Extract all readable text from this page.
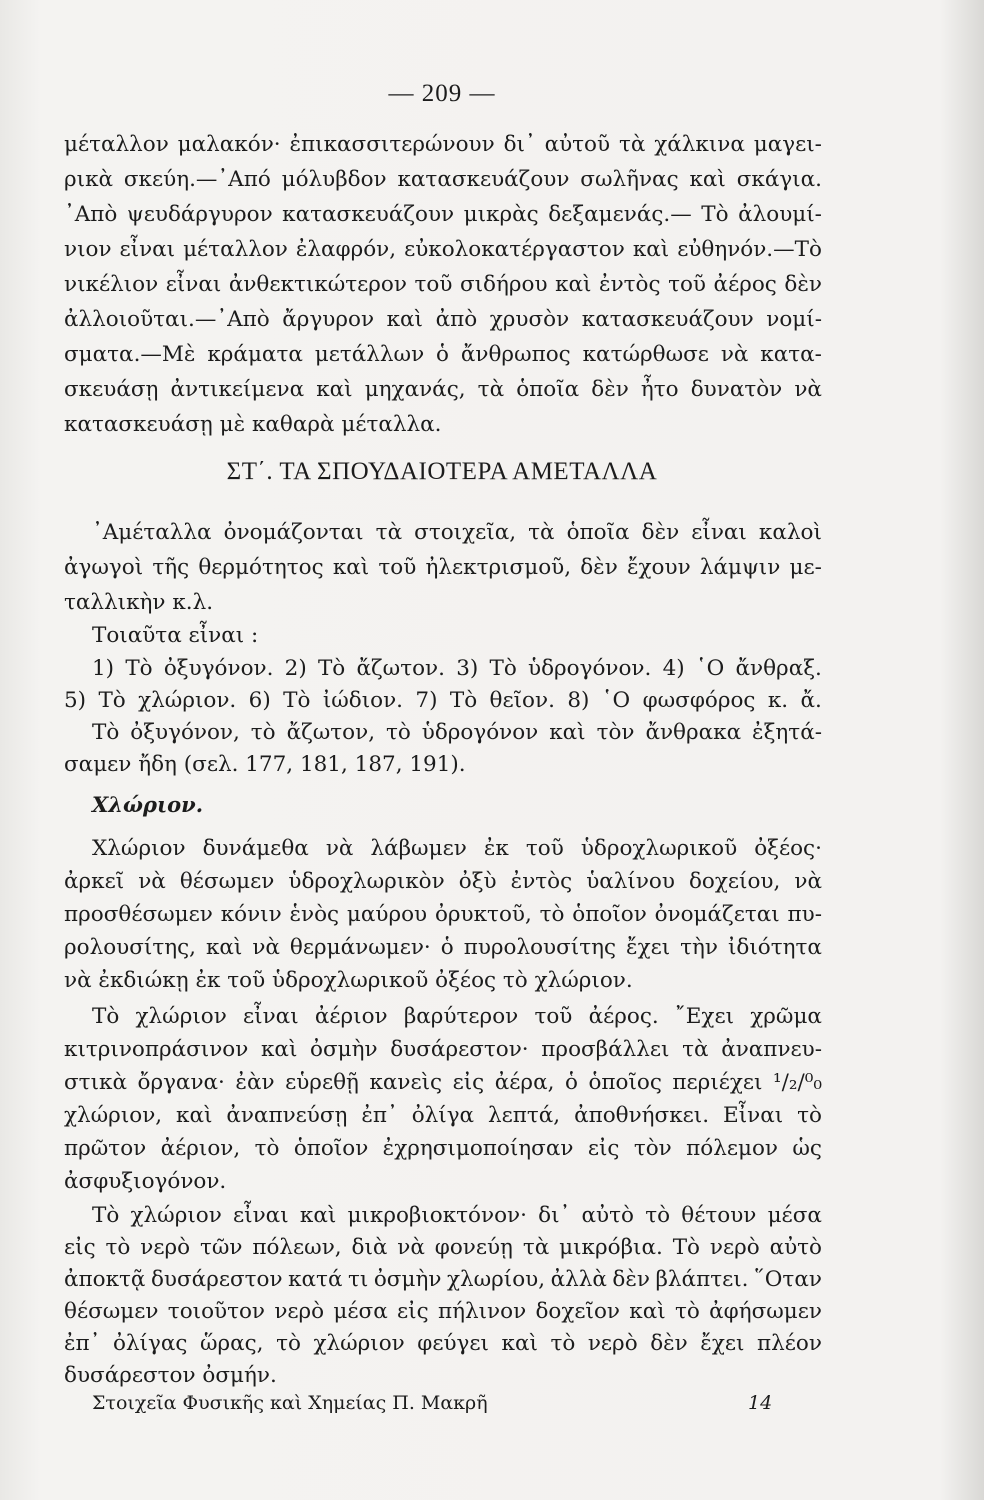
— 209 —
μέταλλον μαλακόν· ἐπικασσιτερώνουν δι᾿ αὐτοῦ τὰ χάλκινα μαγει-
ρικὰ σκεύη.—᾿Από μόλυβδον κατασκευάζουν σωλῆνας καὶ σκάγια.
᾿Απὸ ψευδάργυρον κατασκευάζουν μικρὰς δεξαμενάς.— Τὸ ἀλουμί-
νιον εἶναι μέταλλον ἐλαφρόν, εὐκολοκατέργαστον καὶ εὐθηνόν.—Τὸ
νικέλιον εἶναι ἀνθεκτικώτερον τοῦ σιδήρου καὶ ἐντὸς τοῦ ἀέρος δὲν
ἀλλοιοῦται.—᾿Απὸ ἄργυρον καὶ ἀπὸ χρυσὸν κατασκευάζουν νομί-
σματα.—Μὲ κράματα μετάλλων ὁ ἄνθρωπος κατώρθωσε νὰ κατα-
σκευάσῃ ἀντικείμενα καὶ μηχανάς, τὰ ὁποῖα δὲν ἦτο δυνατὸν νὰ
κατασκευάσῃ μὲ καθαρὰ μέταλλα.
ΣΤ΄. ΤΑ ΣΠΟΥΔΑΙΟΤΕΡΑ ΑΜΕΤΑΛΛΑ
᾿Αμέταλλα ὀνομάζονται τὰ στοιχεῖα, τὰ ὁποῖα δὲν εἶναι καλοὶ
ἀγωγοὶ τῆς θερμότητος καὶ τοῦ ἠλεκτρισμοῦ, δὲν ἔχουν λάμψιν με-
ταλλικὴν κ.λ.
Τοιαῦτα εἶναι :
1) Τὸ ὀξυγόνον. 2) Τὸ ἄζωτον. 3) Τὸ ὑδρογόνον. 4) ῾Ο ἄνθραξ.
5) Τὸ χλώριον. 6) Τὸ ἰώδιον. 7) Τὸ θεῖον. 8) ῾Ο φωσφόρος κ. ἄ.
Τὸ ὀξυγόνον, τὸ ἄζωτον, τὸ ὑδρογόνον καὶ τὸν ἄνθρακα ἐξητά-
σαμεν ἤδη (σελ. 177, 181, 187, 191).
Χλώριον.
Χλώριον δυνάμεθα νὰ λάβωμεν ἐκ τοῦ ὑδροχλωρικοῦ ὀξέος·
ἀρκεῖ νὰ θέσωμεν ὑδροχλωρικὸν ὀξὺ ἐντὸς ὑαλίνου δοχείου, νὰ
προσθέσωμεν κόνιν ἑνὸς μαύρου ὀρυκτοῦ, τὸ ὁποῖον ὀνομάζεται πυ-
ρολουσίτης, καὶ νὰ θερμάνωμεν· ὁ πυρολουσίτης ἔχει τὴν ἰδιότητα
νὰ ἐκδιώκῃ ἐκ τοῦ ὑδροχλωρικοῦ ὀξέος τὸ χλώριον.
Τὸ χλώριον εἶναι ἀέριον βαρύτερον τοῦ ἀέρος. ῎Εχει χρῶμα
κιτρινοπράσινον καὶ ὀσμὴν δυσάρεστον· προσβάλλει τὰ ἀναπνευ-
στικὰ ὄργανα· ἐὰν εὑρεθῇ κανεὶς εἰς ἀέρα, ὁ ὁποῖος περιέχει ¹/₂/⁰₀
χλώριον, καὶ ἀναπνεύσῃ ἐπ᾿ ὀλίγα λεπτά, ἀποθνήσκει. Εἶναι τὸ
πρῶτον ἀέριον, τὸ ὁποῖον ἐχρησιμοποίησαν εἰς τὸν πόλεμον ὡς
ἀσφυξιογόνον.
Τὸ χλώριον εἶναι καὶ μικροβιοκτόνον· δι᾿ αὐτὸ τὸ θέτουν μέσα
εἰς τὸ νερὸ τῶν πόλεων, διὰ νὰ φονεύῃ τὰ μικρόβια. Τὸ νερὸ αὐτὸ
ἀποκτᾷ δυσάρεστον κατά τι ὀσμὴν χλωρίου, ἀλλὰ δὲν βλάπτει. ῞Οταν
θέσωμεν τοιοῦτον νερὸ μέσα εἰς πήλινον δοχεῖον καὶ τὸ ἀφήσωμεν
ἐπ᾿ ὀλίγας ὥρας, τὸ χλώριον φεύγει καὶ τὸ νερὸ δὲν ἔχει πλέον
δυσάρεστον ὀσμήν.
Στοιχεῖα Φυσικῆς καὶ Χημείας Π. Μακρῆ	14
